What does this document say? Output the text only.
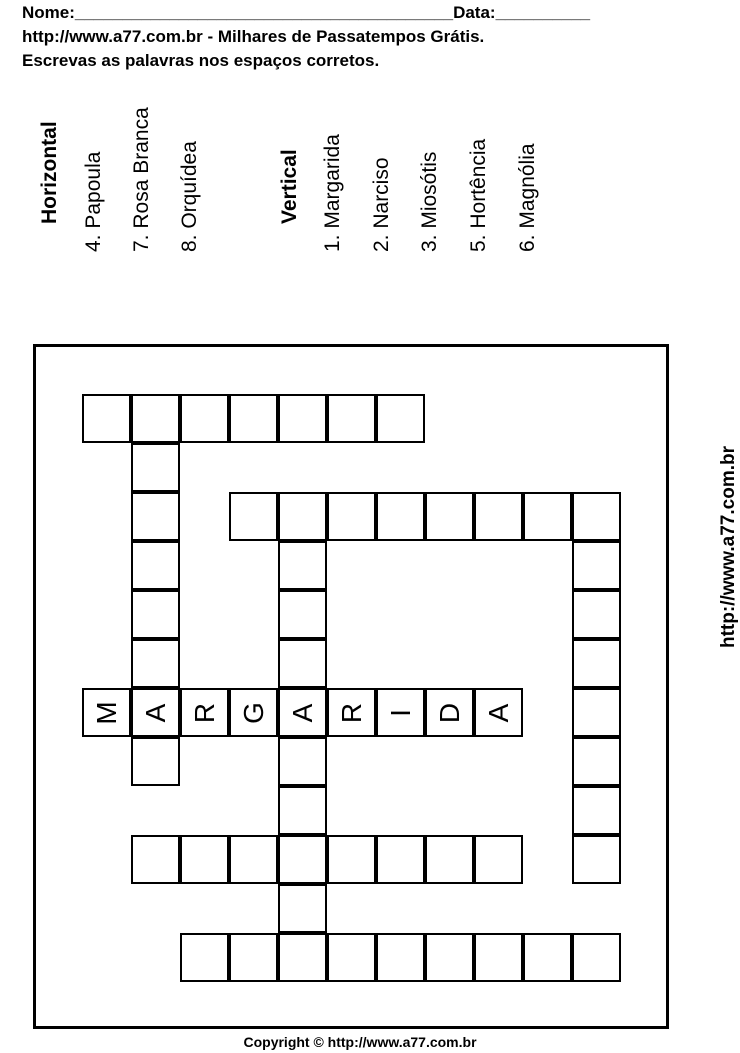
Nome:________________________________________Data:__________
http://www.a77.com.br - Milhares de Passatempos Grátis.
Escrevas as palavras nos espaços corretos.
Horizontal 4. Papoula 7. Rosa Branca 8. Orquídea	Vertical 1. Margarida 2. Narciso 3. Miosótis 5. Hortência 6. Magnólia
M A R G A R I D A
http://www.a77.com.br
Copyright © http://www.a77.com.br
